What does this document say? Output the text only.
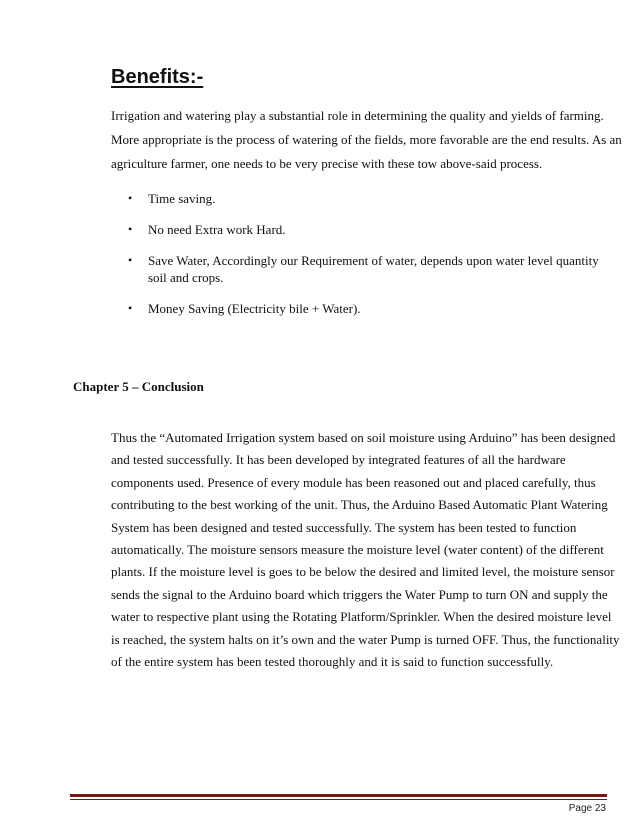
Benefits:-

Irrigation and watering play a substantial role in determining the quality and yields of farming.
More appropriate is the process of watering of the fields, more favorable are the end results. As an
agriculture farmer, one needs to be very precise with these tow above-said process.

• Time saving.
• No need Extra work Hard.
• Save Water, Accordingly our Requirement of water, depends upon water level quantity
soil and crops.
• Money Saving (Electricity bile + Water).
Chapter 5 – Conclusion

Thus the “Automated Irrigation system based on soil moisture using Arduino” has been designed
and tested successfully. It has been developed by integrated features of all the hardware
components used. Presence of every module has been reasoned out and placed carefully, thus
contributing to the best working of the unit. Thus, the Arduino Based Automatic Plant Watering
System has been designed and tested successfully. The system has been tested to function
automatically. The moisture sensors measure the moisture level (water content) of the different
plants. If the moisture level is goes to be below the desired and limited level, the moisture sensor
sends the signal to the Arduino board which triggers the Water Pump to turn ON and supply the
water to respective plant using the Rotating Platform/Sprinkler. When the desired moisture level
is reached, the system halts on it’s own and the water Pump is turned OFF. Thus, the functionality
of the entire system has been tested thoroughly and it is said to function successfully.

Page 23
